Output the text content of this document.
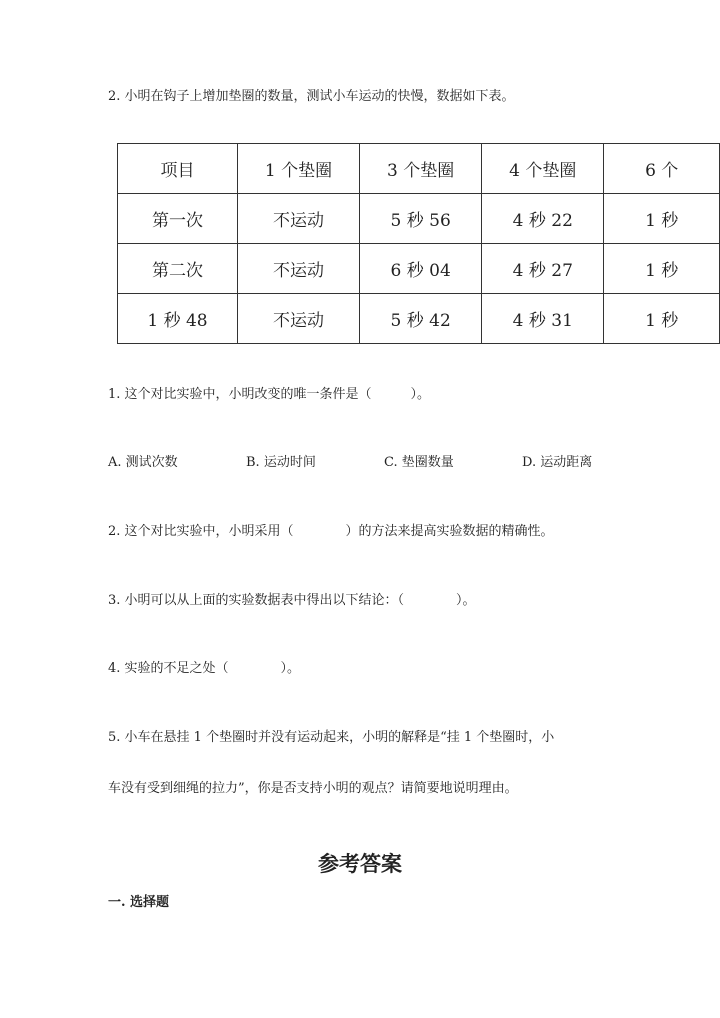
2. 小明在钩子上增加垫圈的数量，测试小车运动的快慢，数据如下表。
项目	1 个垫圈	3 个垫圈	4 个垫圈	6 个
第一次	不运动	5 秒 56	4 秒 22	1 秒
第二次	不运动	6 秒 04	4 秒 27	1 秒
1 秒 48	不运动	5 秒 42	4 秒 31	1 秒
1. 这个对比实验中，小明改变的唯一条件是（　　　）。
A. 测试次数	B. 运动时间	C. 垫圈数量	D. 运动距离
2. 这个对比实验中，小明采用（　　　　）的方法来提高实验数据的精确性。
3. 小明可以从上面的实验数据表中得出以下结论：（　　　　）。
4. 实验的不足之处（　　　　）。
5. 小车在悬挂 1 个垫圈时并没有运动起来，小明的解释是“挂 1 个垫圈时，小
车没有受到细绳的拉力”，你是否支持小明的观点？请简要地说明理由。
参考答案
一. 选择题
